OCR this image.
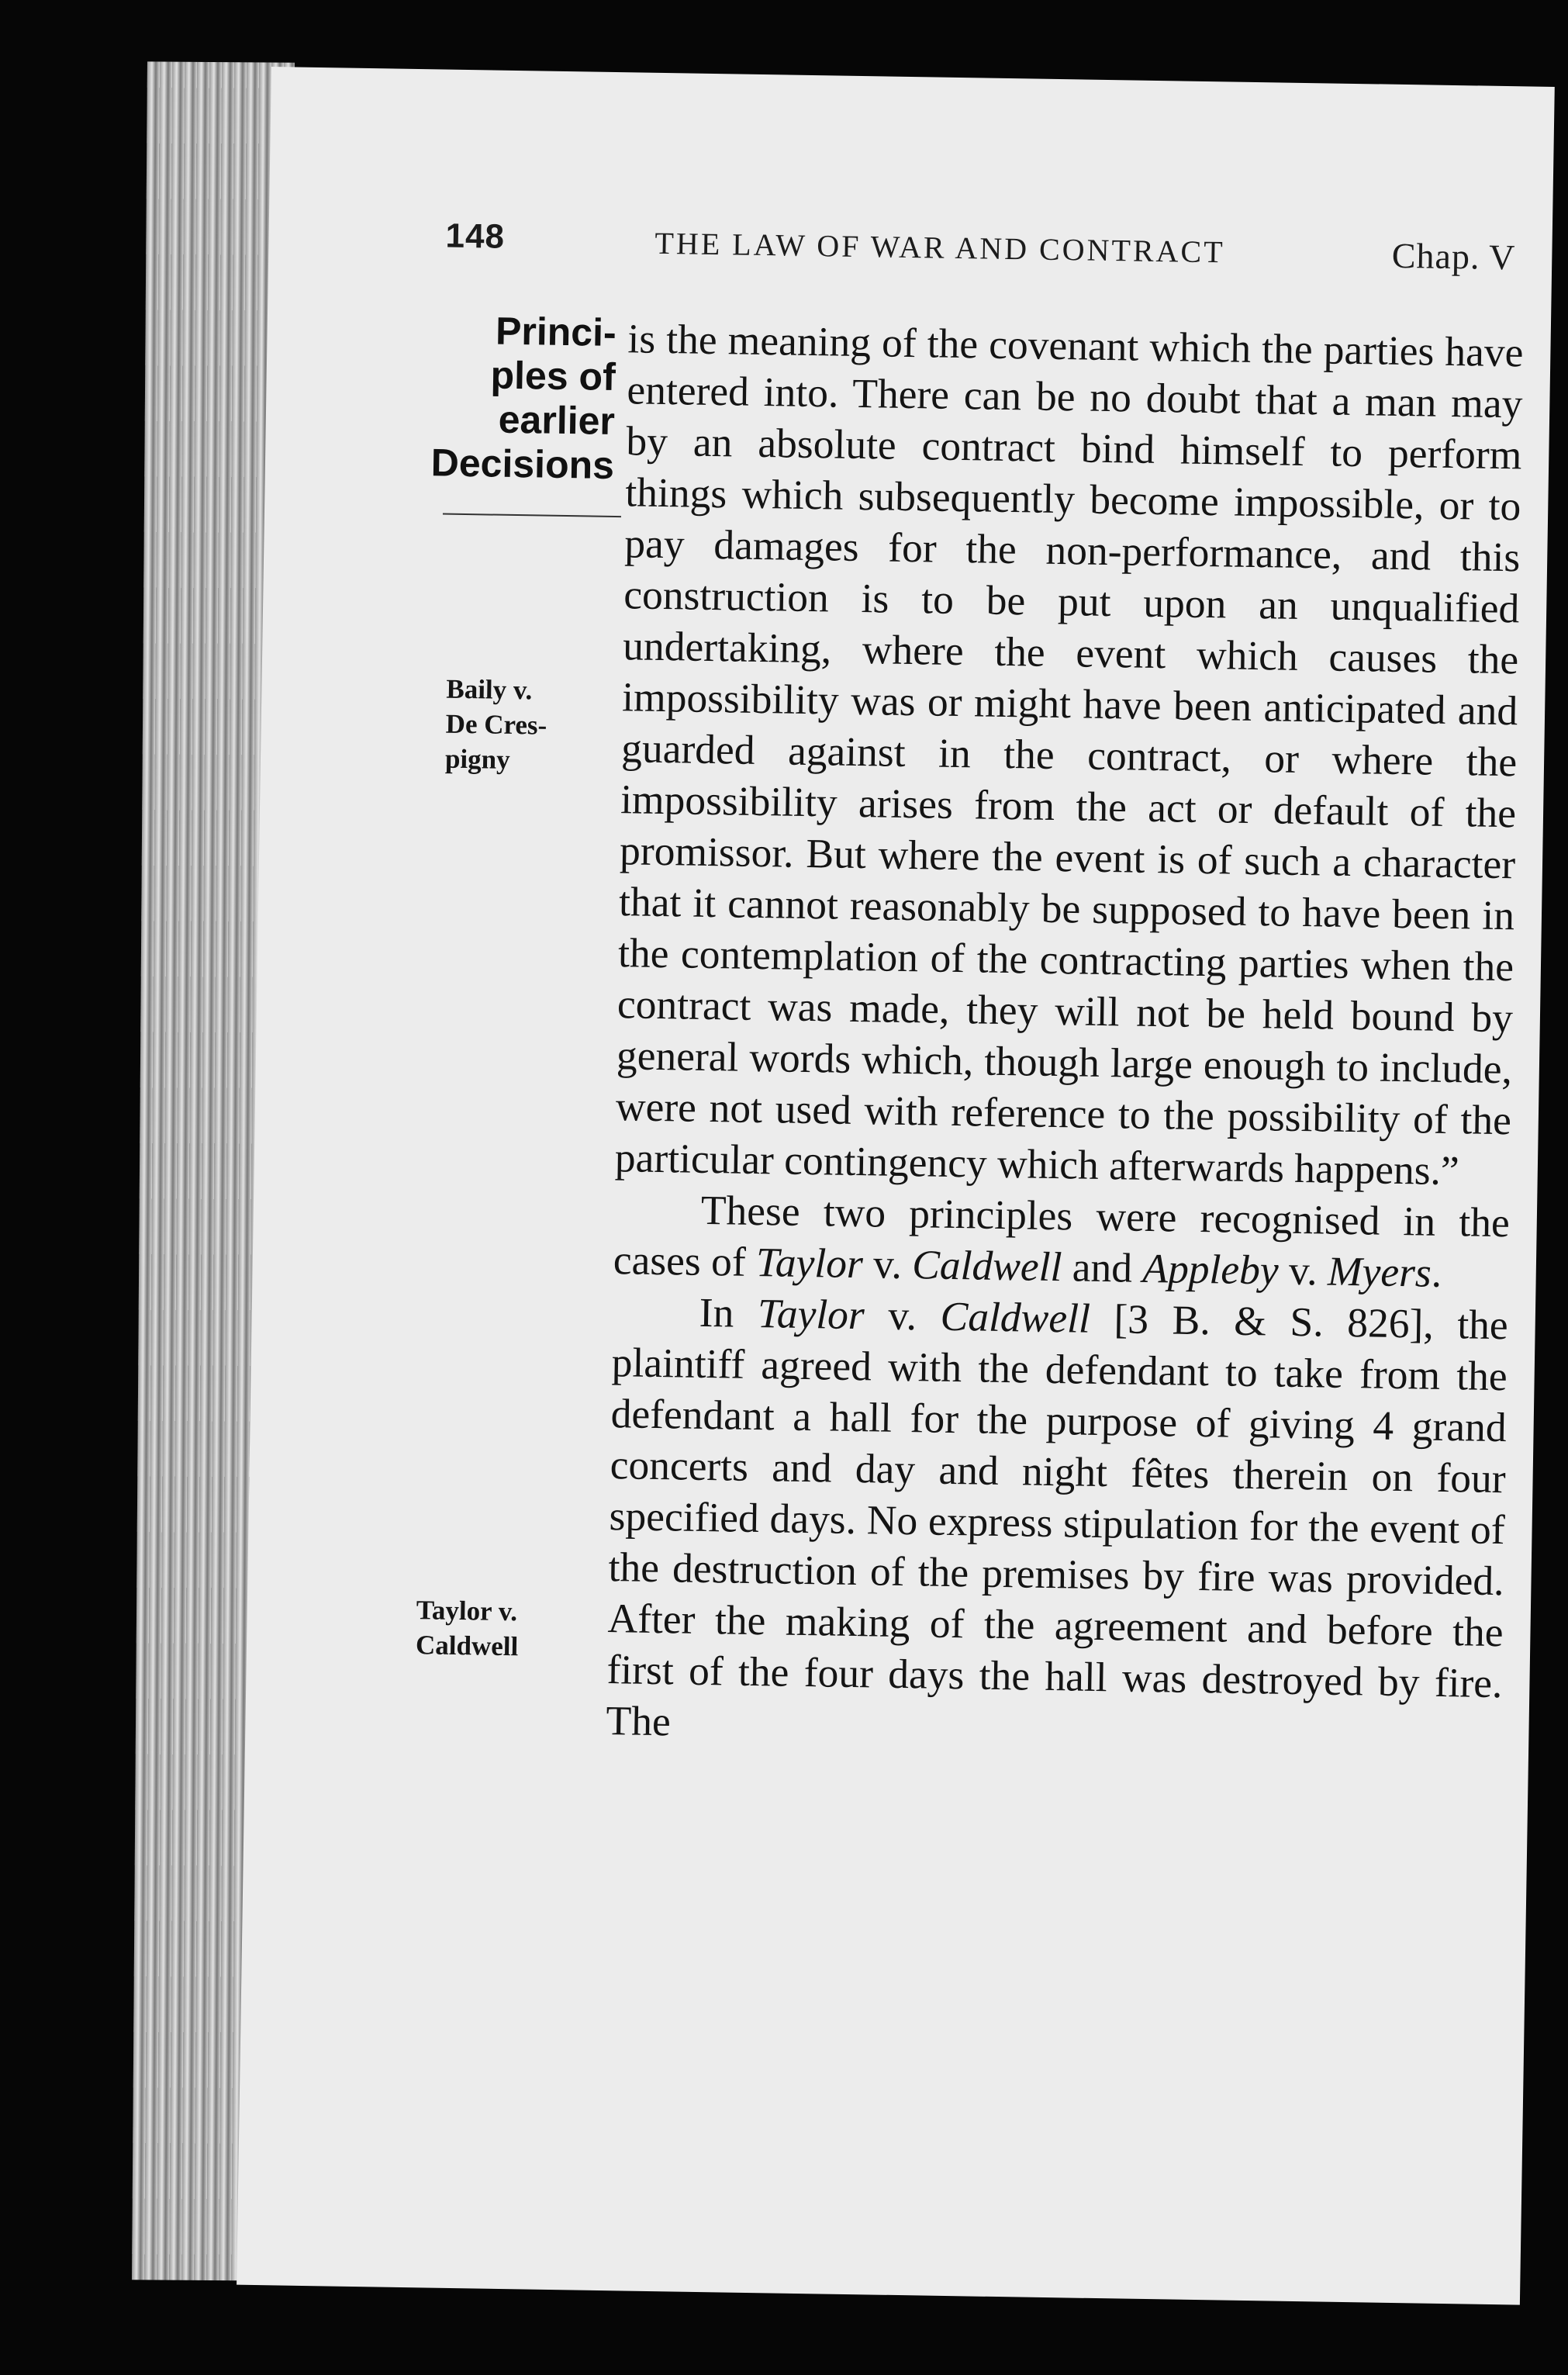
148	THE LAW OF WAR AND CONTRACT	Chap. V
Princi-
ples of
earlier
Decisions
Baily v.
De Cres-
pigny
Taylor v.
Caldwell

is the meaning of the covenant which the parties have entered into. There can be no doubt that a man may by an absolute contract bind himself to perform things which subsequently become impossible, or to pay damages for the non-performance, and this construction is to be put upon an unqualified undertaking, where the event which causes the impossibility was or might have been anticipated and guarded against in the contract, or where the impossibility arises from the act or default of the promissor. But where the event is of such a character that it cannot reasonably be supposed to have been in the contemplation of the contracting parties when the contract was made, they will not be held bound by general words which, though large enough to include, were not used with reference to the possibility of the particular contingency which afterwards happens.”

These two principles were recognised in the cases of Taylor v. Caldwell and Appleby v. Myers.

In Taylor v. Caldwell [3 B. & S. 826], the plaintiff agreed with the defendant to take from the defendant a hall for the purpose of giving 4 grand concerts and day and night fêtes therein on four specified days. No express stipulation for the event of the destruction of the premises by fire was provided. After the making of the agreement and before the first of the four days the hall was destroyed by fire. The
